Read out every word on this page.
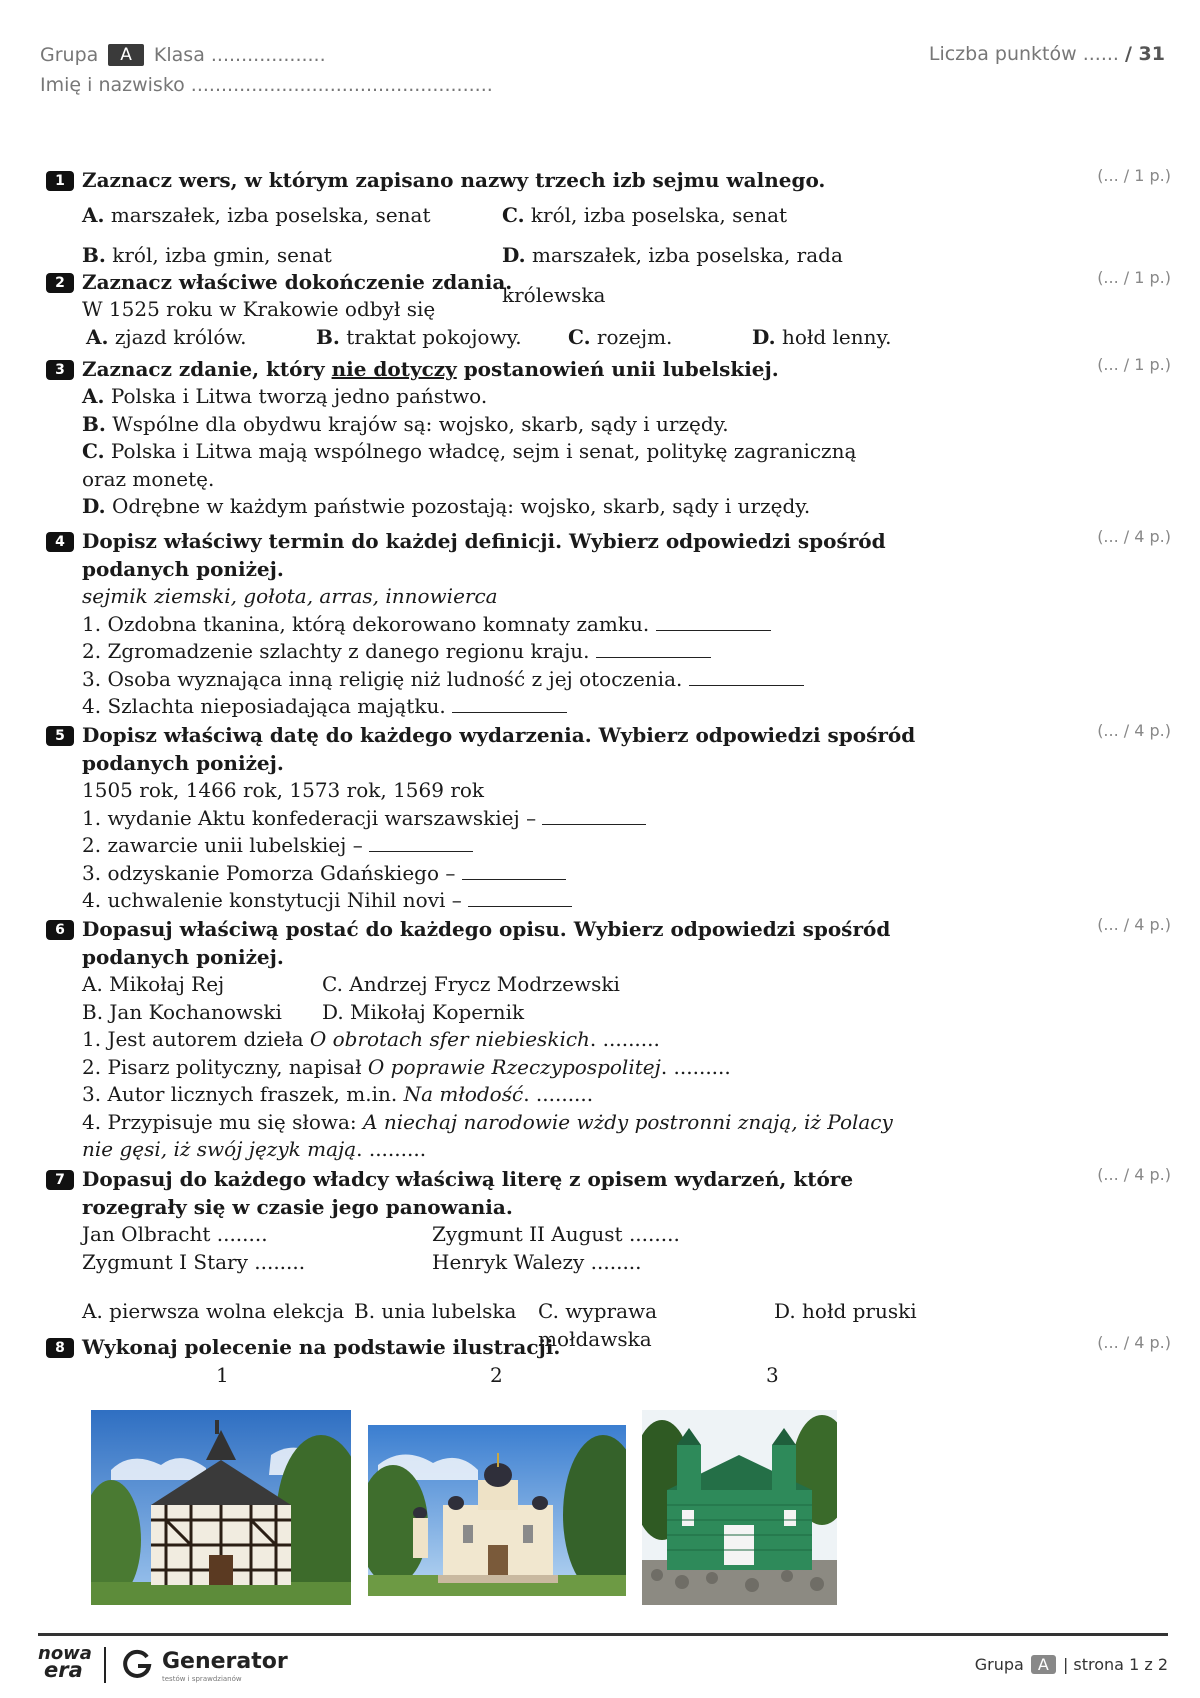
Grupa	A	Klasa ...................
Imię i nazwisko ..................................................
Liczba punktów ...... / 31
1 Zaznacz wers, w którym zapisano nazwy trzech izb sejmu walnego.	(... / 1 p.)
A. marszałek, izba poselska, senat	C. król, izba poselska, senat
B. król, izba gmin, senat	D. marszałek, izba poselska, rada królewska
2 Zaznacz właściwe dokończenie zdania.	(... / 1 p.)
W 1525 roku w Krakowie odbył się
A. zjazd królów.	B. traktat pokojowy.	C. rozejm.	D. hołd lenny.
3 Zaznacz zdanie, który nie dotyczy postanowień unii lubelskiej.	(... / 1 p.)
A. Polska i Litwa tworzą jedno państwo.
B. Wspólne dla obydwu krajów są: wojsko, skarb, sądy i urzędy.
C. Polska i Litwa mają wspólnego władcę, sejm i senat, politykę zagraniczną oraz monetę.
D. Odrębne w każdym państwie pozostają: wojsko, skarb, sądy i urzędy.
4 Dopisz właściwy termin do każdej definicji. Wybierz odpowiedzi spośród podanych poniżej.
(... / 4 p.)
sejmik ziemski, gołota, arras, innowierca
1. Ozdobna tkanina, którą dekorowano komnaty zamku.
2. Zgromadzenie szlachty z danego regionu kraju.
3. Osoba wyznająca inną religię niż ludność z jej otoczenia.
4. Szlachta nieposiadająca majątku.
5 Dopisz właściwą datę do każdego wydarzenia. Wybierz odpowiedzi spośród podanych poniżej.
(... / 4 p.)
1505 rok, 1466 rok, 1573 rok, 1569 rok
1. wydanie Aktu konfederacji warszawskiej –
2. zawarcie unii lubelskiej –
3. odzyskanie Pomorza Gdańskiego –
4. uchwalenie konstytucji Nihil novi –
6 Dopasuj właściwą postać do każdego opisu. Wybierz odpowiedzi spośród podanych poniżej.
(... / 4 p.)
A. Mikołaj Rej	C. Andrzej Frycz Modrzewski
B. Jan Kochanowski	D. Mikołaj Kopernik
1. Jest autorem dzieła O obrotach sfer niebieskich. .........
2. Pisarz polityczny, napisał O poprawie Rzeczypospolitej. .........
3. Autor licznych fraszek, m.in. Na młodość. .........
4. Przypisuje mu się słowa: A niechaj narodowie wżdy postronni znają, iż Polacy nie gęsi, iż swój język mają. .........
7 Dopasuj do każdego władcy właściwą literę z opisem wydarzeń, które rozegrały się w czasie jego panowania.
(... / 4 p.)
Jan Olbracht ........	Zygmunt II August ........
Zygmunt I Stary ........	Henryk Walezy ........
A. pierwsza wolna elekcja B. unia lubelska	C. wyprawa mołdawska
D. hołd pruski
8 Wykonaj polecenie na podstawie ilustracji.	(... / 4 p.)
1	2	3
nowa
era	Generator
testów i sprawdzianów
Grupa A | strona 1 z 2
